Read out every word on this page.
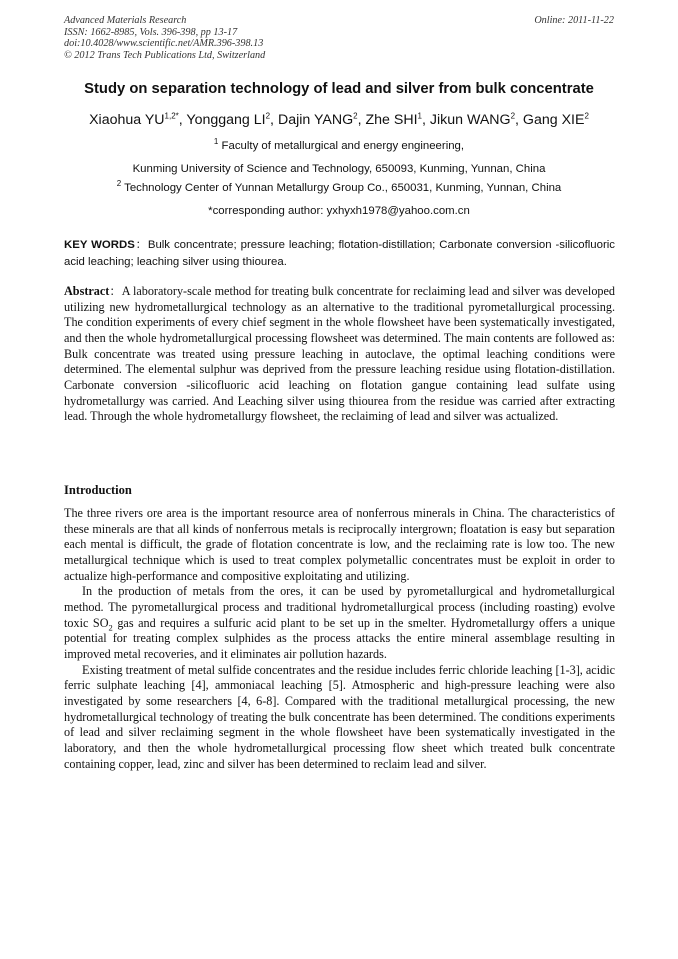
Advanced Materials Research
ISSN: 1662-8985, Vols. 396-398, pp 13-17
doi:10.4028/www.scientific.net/AMR.396-398.13
© 2012 Trans Tech Publications Ltd, Switzerland
Online: 2011-11-22
Study on separation technology of lead and silver from bulk concentrate
Xiaohua $YU^{1,2*}$, Yonggang $LI^2$, Dajin YANG$^2$, Zhe SHI$^1$, Jikun WANG$^2$, Gang XIE$^2$
$^1$ Faculty of metallurgical and energy engineering,
Kunming University of Science and Technology, 650093, Kunming, Yunnan, China
$^2$ Technology Center of Yunnan Metallurgy Group Co., 650031, Kunming, Yunnan, China
*corresponding author: yxhyxh1978@yahoo.com.cn

KEY WORDS：Bulk concentrate; pressure leaching; flotation-distillation; Carbonate conversion -silicofluoric acid leaching; leaching silver using thiourea.

Abstract：A laboratory-scale method for treating bulk concentrate for reclaiming lead and silver was developed utilizing new hydrometallurgical technology as an alternative to the traditional pyrometallurgical processing. The condition experiments of every chief segment in the whole flowsheet have been systematically investigated, and then the whole hydrometallurgical processing flowsheet was determined. The main contents are followed as: Bulk concentrate was treated using pressure leaching in autoclave, the optimal leaching conditions were determined. The elemental sulphur was deprived from the pressure leaching residue using flotation-distillation. Carbonate conversion -silicofluoric acid leaching on flotation gangue containing lead sulfate using hydrometallurgy was carried. And Leaching silver using thiourea from the residue was carried after extracting lead. Through the whole hydrometallurgy flowsheet, the reclaiming of lead and silver was actualized.

Introduction

The three rivers ore area is the important resource area of nonferrous minerals in China. The characteristics of these minerals are that all kinds of nonferrous metals is reciprocally intergrown; floatation is easy but separation each mental is difficult, the grade of flotation concentrate is low, and the reclaiming rate is low too. The new metallurgical technique which is used to treat complex polymetallic concentrates must be exploit in order to actualize high-performance and compositive exploitating and utilizing.

In the production of metals from the ores, it can be used by pyrometallurgical and hydrometallurgical method. The pyrometallurgical process and traditional hydrometallurgical process (including roasting) evolve toxic $SO_2$ gas and requires a sulfuric acid plant to be set up in the smelter. Hydrometallurgy offers a unique potential for treating complex sulphides as the process attacks the entire mineral assemblage resulting in improved metal recoveries, and it eliminates air pollution hazards.

Existing treatment of metal sulfide concentrates and the residue includes ferric chloride leaching [1-3], acidic ferric sulphate leaching [4], ammoniacal leaching [5]. Atmospheric and high-pressure leaching were also investigated by some researchers [4, 6-8]. Compared with the traditional metallurgical processing, the new hydrometallurgical technology of treating the bulk concentrate has been determined. The conditions experiments of lead and silver reclaiming segment in the whole flowsheet have been systematically investigated in the laboratory, and then the whole hydrometallurgical processing flow sheet which treated bulk concentrate containing copper, lead, zinc and silver has been determined to reclaim lead and silver.
